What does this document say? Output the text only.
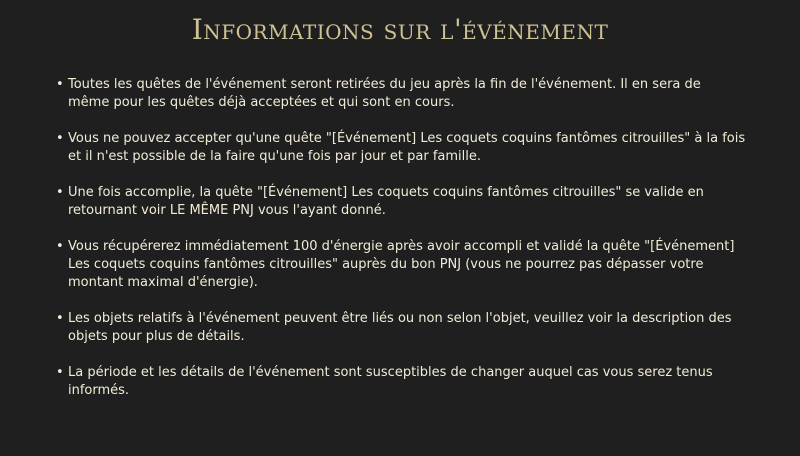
Informations sur l'événement
• Toutes les quêtes de l'événement seront retirées du jeu après la fin de l'événement. Il en sera de même pour les quêtes déjà acceptées et qui sont en cours.
• Vous ne pouvez accepter qu'une quête "[Événement] Les coquets coquins fantômes citrouilles" à la fois et il n'est possible de la faire qu'une fois par jour et par famille.
• Une fois accomplie, la quête "[Événement] Les coquets coquins fantômes citrouilles" se valide en retournant voir LE MÊME PNJ vous l'ayant donné.
• Vous récupérerez immédiatement 100 d'énergie après avoir accompli et validé la quête "[Événement] Les coquets coquins fantômes citrouilles" auprès du bon PNJ (vous ne pourrez pas dépasser votre montant maximal d'énergie).
• Les objets relatifs à l'événement peuvent être liés ou non selon l'objet, veuillez voir la description des objets pour plus de détails.
• La période et les détails de l'événement sont susceptibles de changer auquel cas vous serez tenus informés.
